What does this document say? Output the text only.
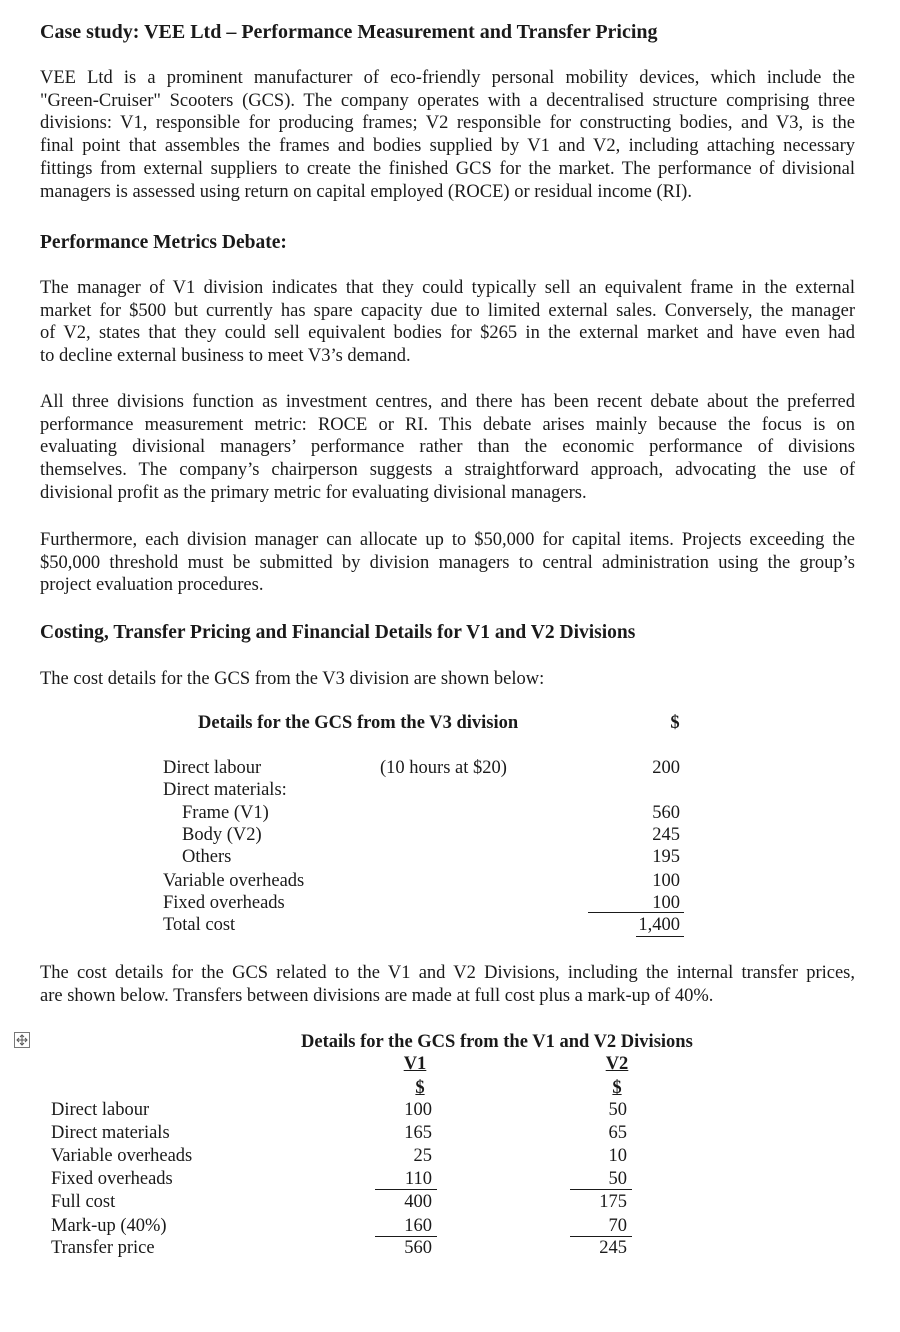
Case study: VEE Ltd – Performance Measurement and Transfer Pricing
VEE Ltd is a prominent manufacturer of eco-friendly personal mobility devices, which include the
"Green-Cruiser" Scooters (GCS). The company operates with a decentralised structure comprising three
divisions: V1, responsible for producing frames; V2 responsible for constructing bodies, and V3, is the
final point that assembles the frames and bodies supplied by V1 and V2, including attaching necessary
fittings from external suppliers to create the finished GCS for the market. The performance of divisional
managers is assessed using return on capital employed (ROCE) or residual income (RI).
Performance Metrics Debate:
The manager of V1 division indicates that they could typically sell an equivalent frame in the external
market for $500 but currently has spare capacity due to limited external sales. Conversely, the manager
of V2, states that they could sell equivalent bodies for $265 in the external market and have even had
to decline external business to meet V3’s demand.
All three divisions function as investment centres, and there has been recent debate about the preferred
performance measurement metric: ROCE or RI. This debate arises mainly because the focus is on
evaluating divisional managers’ performance rather than the economic performance of divisions
themselves. The company’s chairperson suggests a straightforward approach, advocating the use of
divisional profit as the primary metric for evaluating divisional managers.
Furthermore, each division manager can allocate up to $50,000 for capital items. Projects exceeding the
$50,000 threshold must be submitted by division managers to central administration using the group’s
project evaluation procedures.
Costing, Transfer Pricing and Financial Details for V1 and V2 Divisions
The cost details for the GCS from the V3 division are shown below:
Details for the GCS from the V3 division	$
Direct labour	(10 hours at $20)	200
Direct materials:
Frame (V1)	560
Body (V2)	245
Others	195
Variable overheads	100
Fixed overheads	100
Total cost	1,400
The cost details for the GCS related to the V1 and V2 Divisions, including the internal transfer prices,
are shown below. Transfers between divisions are made at full cost plus a mark-up of 40%.
Details for the GCS from the V1 and V2 Divisions
V1	V2
$	$
Direct labour	100	50
Direct materials	165	65
Variable overheads	25	10
Fixed overheads	110	50
Full cost	400	175
Mark-up (40%)	160	70
Transfer price	560	245
